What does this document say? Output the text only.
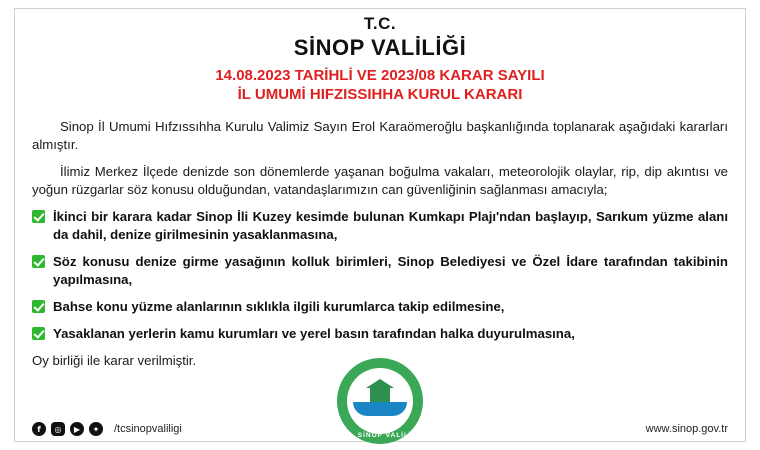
T.C.
SİNOP VALİLİĞİ
14.08.2023 TARİHLİ VE 2023/08 KARAR SAYILI
İL UMUMİ HIFZISSIHHA KURUL KARARI

Sinop İl Umumi Hıfzıssıhha Kurulu Valimiz Sayın Erol Karaömeroğlu başkanlığında toplanarak aşağıdaki kararları almıştır.

İlimiz Merkez İlçede denizde son dönemlerde yaşanan boğulma vakaları, meteorolojik olaylar, rip, dip akıntısı ve yoğun rüzgarlar söz konusu olduğundan, vatandaşlarımızın can güvenliğinin sağlanması amacıyla;

İkinci bir karara kadar Sinop İli Kuzey kesimde bulunan Kumkapı Plajı'ndan başlayıp, Sarıkum yüzme alanı da dahil, denize girilmesinin yasaklanmasına,
Söz konusu denize girme yasağının kolluk birimleri, Sinop Belediyesi ve Özel İdare tarafından takibinin yapılmasına,
Bahse konu yüzme alanlarının sıklıkla ilgili kurumlarca takip edilmesine,
Yasaklanan yerlerin kamu kurumları ve yerel basın tarafından halka duyurulmasına,

Oy birliği ile karar verilmiştir.

T.C. SİNOP VALİLİĞİ
f	◎	▶	✦	/tcsinopvaliligi	www.sinop.gov.tr
